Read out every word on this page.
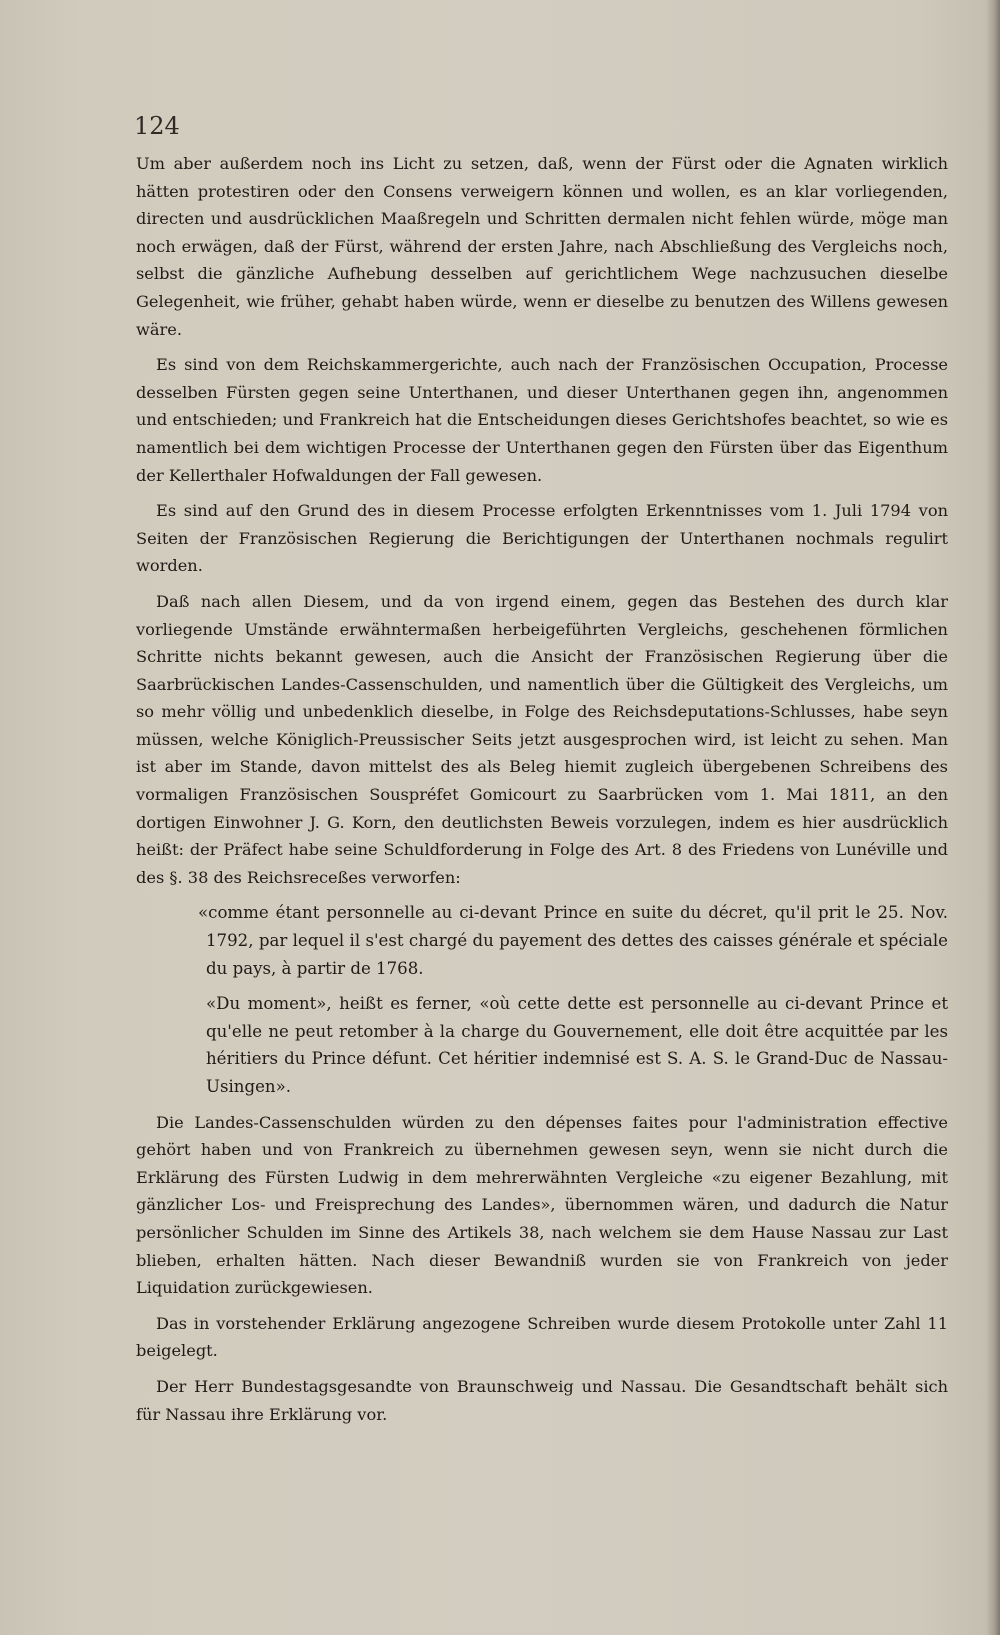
124

Um aber außerdem noch ins Licht zu setzen, daß, wenn der Fürst oder die Agnaten wirklich hätten protestiren oder den Consens verweigern können und wollen, es an klar vorliegenden, directen und ausdrücklichen Maaßregeln und Schritten dermalen nicht fehlen würde, möge man noch erwägen, daß der Fürst, während der ersten Jahre, nach Abschließung des Vergleichs noch, selbst die gänzliche Aufhebung desselben auf gerichtlichem Wege nachzusuchen dieselbe Gelegenheit, wie früher, gehabt haben würde, wenn er dieselbe zu benutzen des Willens gewesen wäre.

Es sind von dem Reichskammergerichte, auch nach der Französischen Occupation, Processe desselben Fürsten gegen seine Unterthanen, und dieser Unterthanen gegen ihn, angenommen und entschieden; und Frankreich hat die Entscheidungen dieses Gerichtshofes beachtet, so wie es namentlich bei dem wichtigen Processe der Unterthanen gegen den Fürsten über das Eigenthum der Kellerthaler Hofwaldungen der Fall gewesen.

Es sind auf den Grund des in diesem Processe erfolgten Erkenntnisses vom 1. Juli 1794 von Seiten der Französischen Regierung die Berichtigungen der Unterthanen nochmals regulirt worden.

Daß nach allen Diesem, und da von irgend einem, gegen das Bestehen des durch klar vorliegende Umstände erwähntermaßen herbeigeführten Vergleichs, geschehenen förmlichen Schritte nichts bekannt gewesen, auch die Ansicht der Französischen Regierung über die Saarbrückischen Landes-Cassenschulden, und namentlich über die Gültigkeit des Vergleichs, um so mehr völlig und unbedenklich dieselbe, in Folge des Reichsdeputations-Schlusses, habe seyn müssen, welche Königlich-Preussischer Seits jetzt ausgesprochen wird, ist leicht zu sehen. Man ist aber im Stande, davon mittelst des als Beleg hiemit zugleich übergebenen Schreibens des vormaligen Französischen Souspréfet Gomicourt zu Saarbrücken vom 1. Mai 1811, an den dortigen Einwohner J. G. Korn, den deutlichsten Beweis vorzulegen, indem es hier ausdrücklich heißt: der Präfect habe seine Schuldforderung in Folge des Art. 8 des Friedens von Lunéville und des §. 38 des Reichsreceßes verworfen:

«comme étant personnelle au ci-devant Prince en suite du décret, qu'il prit le 25. Nov. 1792, par lequel il s'est chargé du payement des dettes des caisses générale et spéciale du pays, à partir de 1768.

«Du moment», heißt es ferner, «où cette dette est personnelle au ci-devant Prince et qu'elle ne peut retomber à la charge du Gouvernement, elle doit être acquittée par les héritiers du Prince défunt. Cet héritier indemnisé est S. A. S. le Grand-Duc de Nassau-Usingen».

Die Landes-Cassenschulden würden zu den dépenses faites pour l'administration effective gehört haben und von Frankreich zu übernehmen gewesen seyn, wenn sie nicht durch die Erklärung des Fürsten Ludwig in dem mehrerwähnten Vergleiche «zu eigener Bezahlung, mit gänzlicher Los- und Freisprechung des Landes», übernommen wären, und dadurch die Natur persönlicher Schulden im Sinne des Artikels 38, nach welchem sie dem Hause Nassau zur Last blieben, erhalten hätten. Nach dieser Bewandniß wurden sie von Frankreich von jeder Liquidation zurückgewiesen.

Das in vorstehender Erklärung angezogene Schreiben wurde diesem Protokolle unter Zahl 11 beigelegt.

Der Herr Bundestagsgesandte von Braunschweig und Nassau. Die Gesandtschaft behält sich für Nassau ihre Erklärung vor.
